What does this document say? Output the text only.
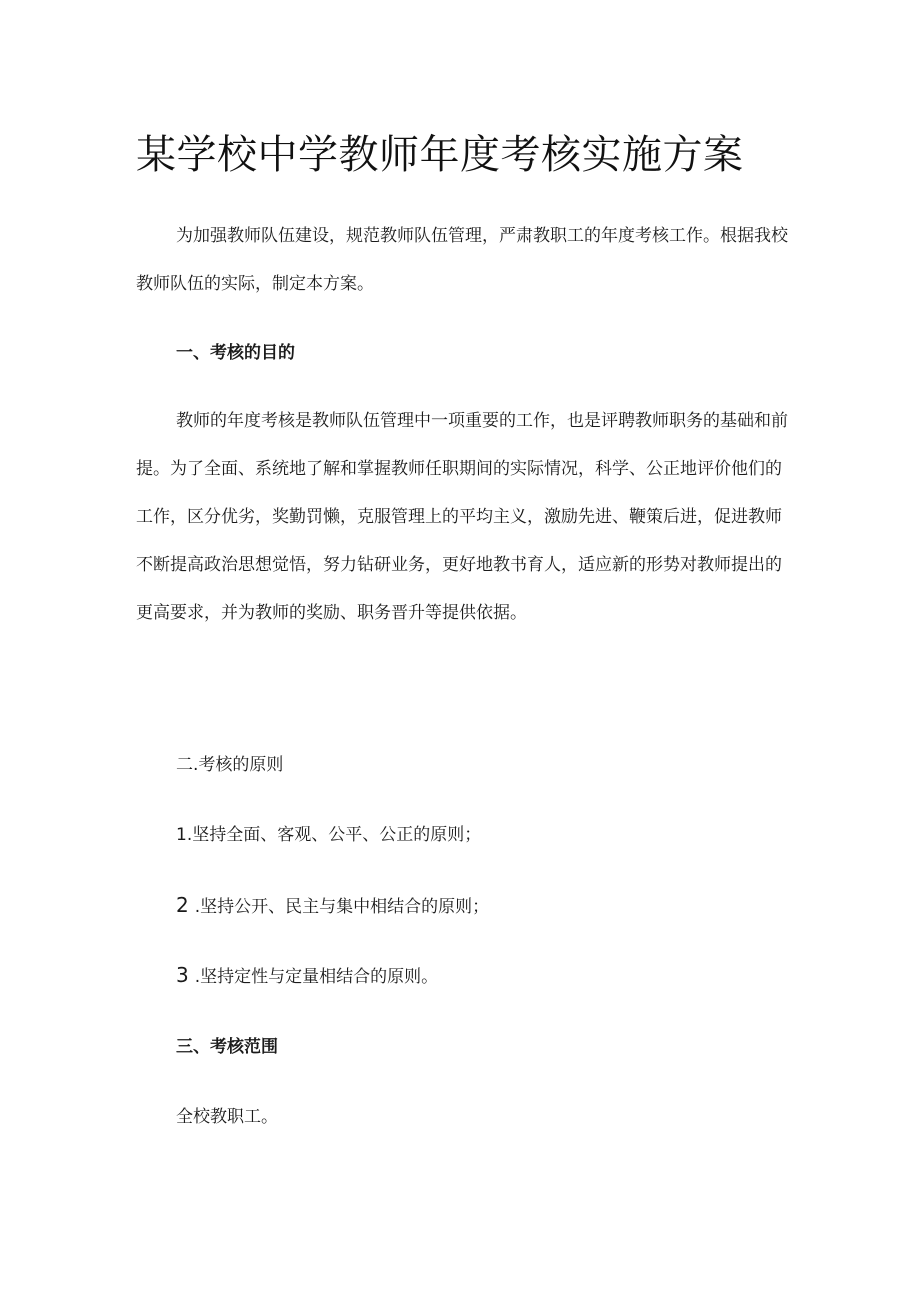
某学校中学教师年度考核实施方案

为加强教师队伍建设，规范教师队伍管理，严肃教职工的年度考核工作。根据我校教师队伍的实际，制定本方案。

一、考核的目的

教师的年度考核是教师队伍管理中一项重要的工作，也是评聘教师职务的基础和前提。为了全面、系统地了解和掌握教师任职期间的实际情况，科学、公正地评价他们的工作，区分优劣，奖勤罚懒，克服管理上的平均主义，激励先进、鞭策后进，促进教师不断提高政治思想觉悟，努力钻研业务，更好地教书育人，适应新的形势对教师提出的更高要求，并为教师的奖励、职务晋升等提供依据。

二.考核的原则

1.坚持全面、客观、公平、公正的原则；

2 .坚持公开、民主与集中相结合的原则；

3 .坚持定性与定量相结合的原则。

三、考核范围

全校教职工。
